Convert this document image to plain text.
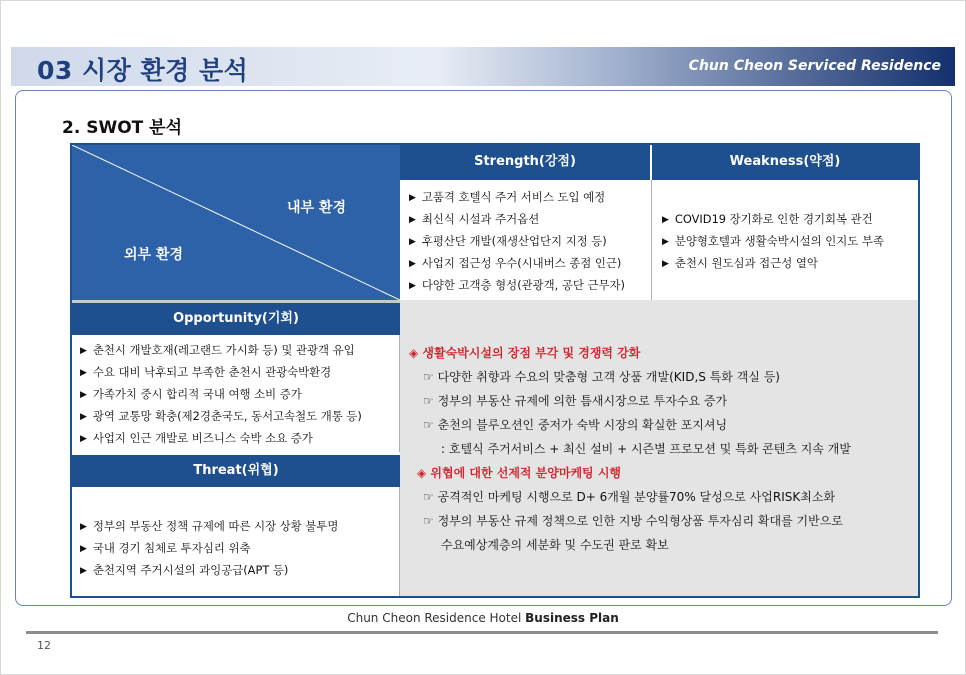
03 시장 환경 분석	Chun Cheon Serviced Residence
2. SWOT 분석
내부 환경
외부 환경
Strength(강점)	Weakness(약점)
▶ 고품격 호텔식 주거 서비스 도입 예정
▶ 최신식 시설과 주거옵션
▶ 후평산단 개발(재생산업단지 지정 등)
▶ 사업지 접근성 우수(시내버스 종점 인근)
▶ 다양한 고객층 형성(관광객, 공단 근무자)
▶ COVID19 장기화로 인한 경기회복 관건
▶ 분양형호텔과 생활숙박시설의 인지도 부족
▶ 춘천시 원도심과 접근성 열악
Opportunity(기회)
▶ 춘천시 개발호재(레고랜드 가시화 등) 및 관광객 유입
▶ 수요 대비 낙후되고 부족한 춘천시 관광숙박환경
▶ 가족가치 중시 합리적 국내 여행 소비 증가
▶ 광역 교통망 확충(제2경춘국도, 동서고속철도 개통 등)
▶ 사업지 인근 개발로 비즈니스 숙박 소요 증가
Threat(위협)
▶ 정부의 부동산 정책 규제에 따른 시장 상황 불투명
▶ 국내 경기 침체로 투자심리 위축
▶ 춘천지역 주거시설의 과잉공급(APT 등)
◈ 생활숙박시설의 장점 부각 및 경쟁력 강화
☞ 다양한 취향과 수요의 맞춤형 고객 상품 개발(KID,S 특화 객실 등)
☞ 정부의 부동산 규제에 의한 틈새시장으로 투자수요 증가
☞ 춘천의 블루오션인 중저가 숙박 시장의 확실한 포지셔닝
: 호텔식 주거서비스 + 최신 설비 + 시즌별 프로모션 및 특화 콘텐츠 지속 개발
◈ 위협에 대한 선제적 분양마케팅 시행
☞ 공격적인 마케팅 시행으로 D+ 6개월 분양률70% 달성으로 사업RISK최소화
☞ 정부의 부동산 규제 정책으로 인한 지방 수익형상품 투자심리 확대를 기반으로
수요예상계층의 세분화 및 수도권 판로 확보
Chun Cheon Residence Hotel Business Plan
12
